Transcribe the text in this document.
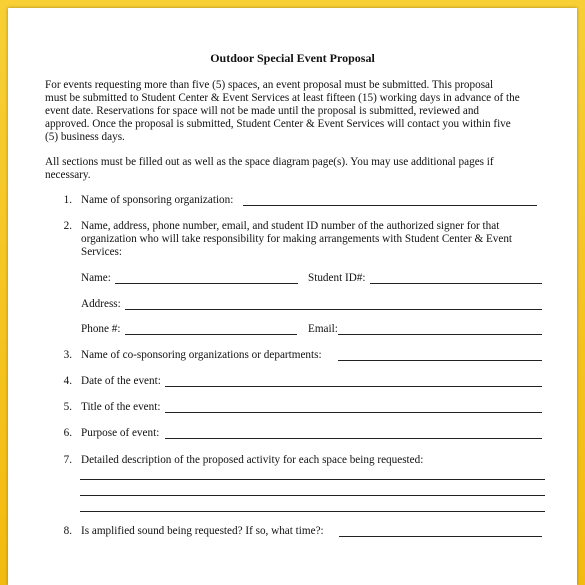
Outdoor Special Event Proposal
For events requesting more than five (5) spaces, an event proposal must be submitted. This proposal
must be submitted to Student Center & Event Services at least fifteen (15) working days in advance of the
event date. Reservations for space will not be made until the proposal is submitted, reviewed and
approved. Once the proposal is submitted, Student Center & Event Services will contact you within five
(5) business days.
All sections must be filled out as well as the space diagram page(s). You may use additional pages if
necessary.
1. Name of sponsoring organization:
2. Name, address, phone number, email, and student ID number of the authorized signer for that
organization who will take responsibility for making arrangements with Student Center & Event
Services:
Name:	Student ID#:
Address:
Phone #:	Email:
3. Name of co-sponsoring organizations or departments:
4. Date of the event:
5. Title of the event:
6. Purpose of event:
7. Detailed description of the proposed activity for each space being requested:
8. Is amplified sound being requested? If so, what time?:
